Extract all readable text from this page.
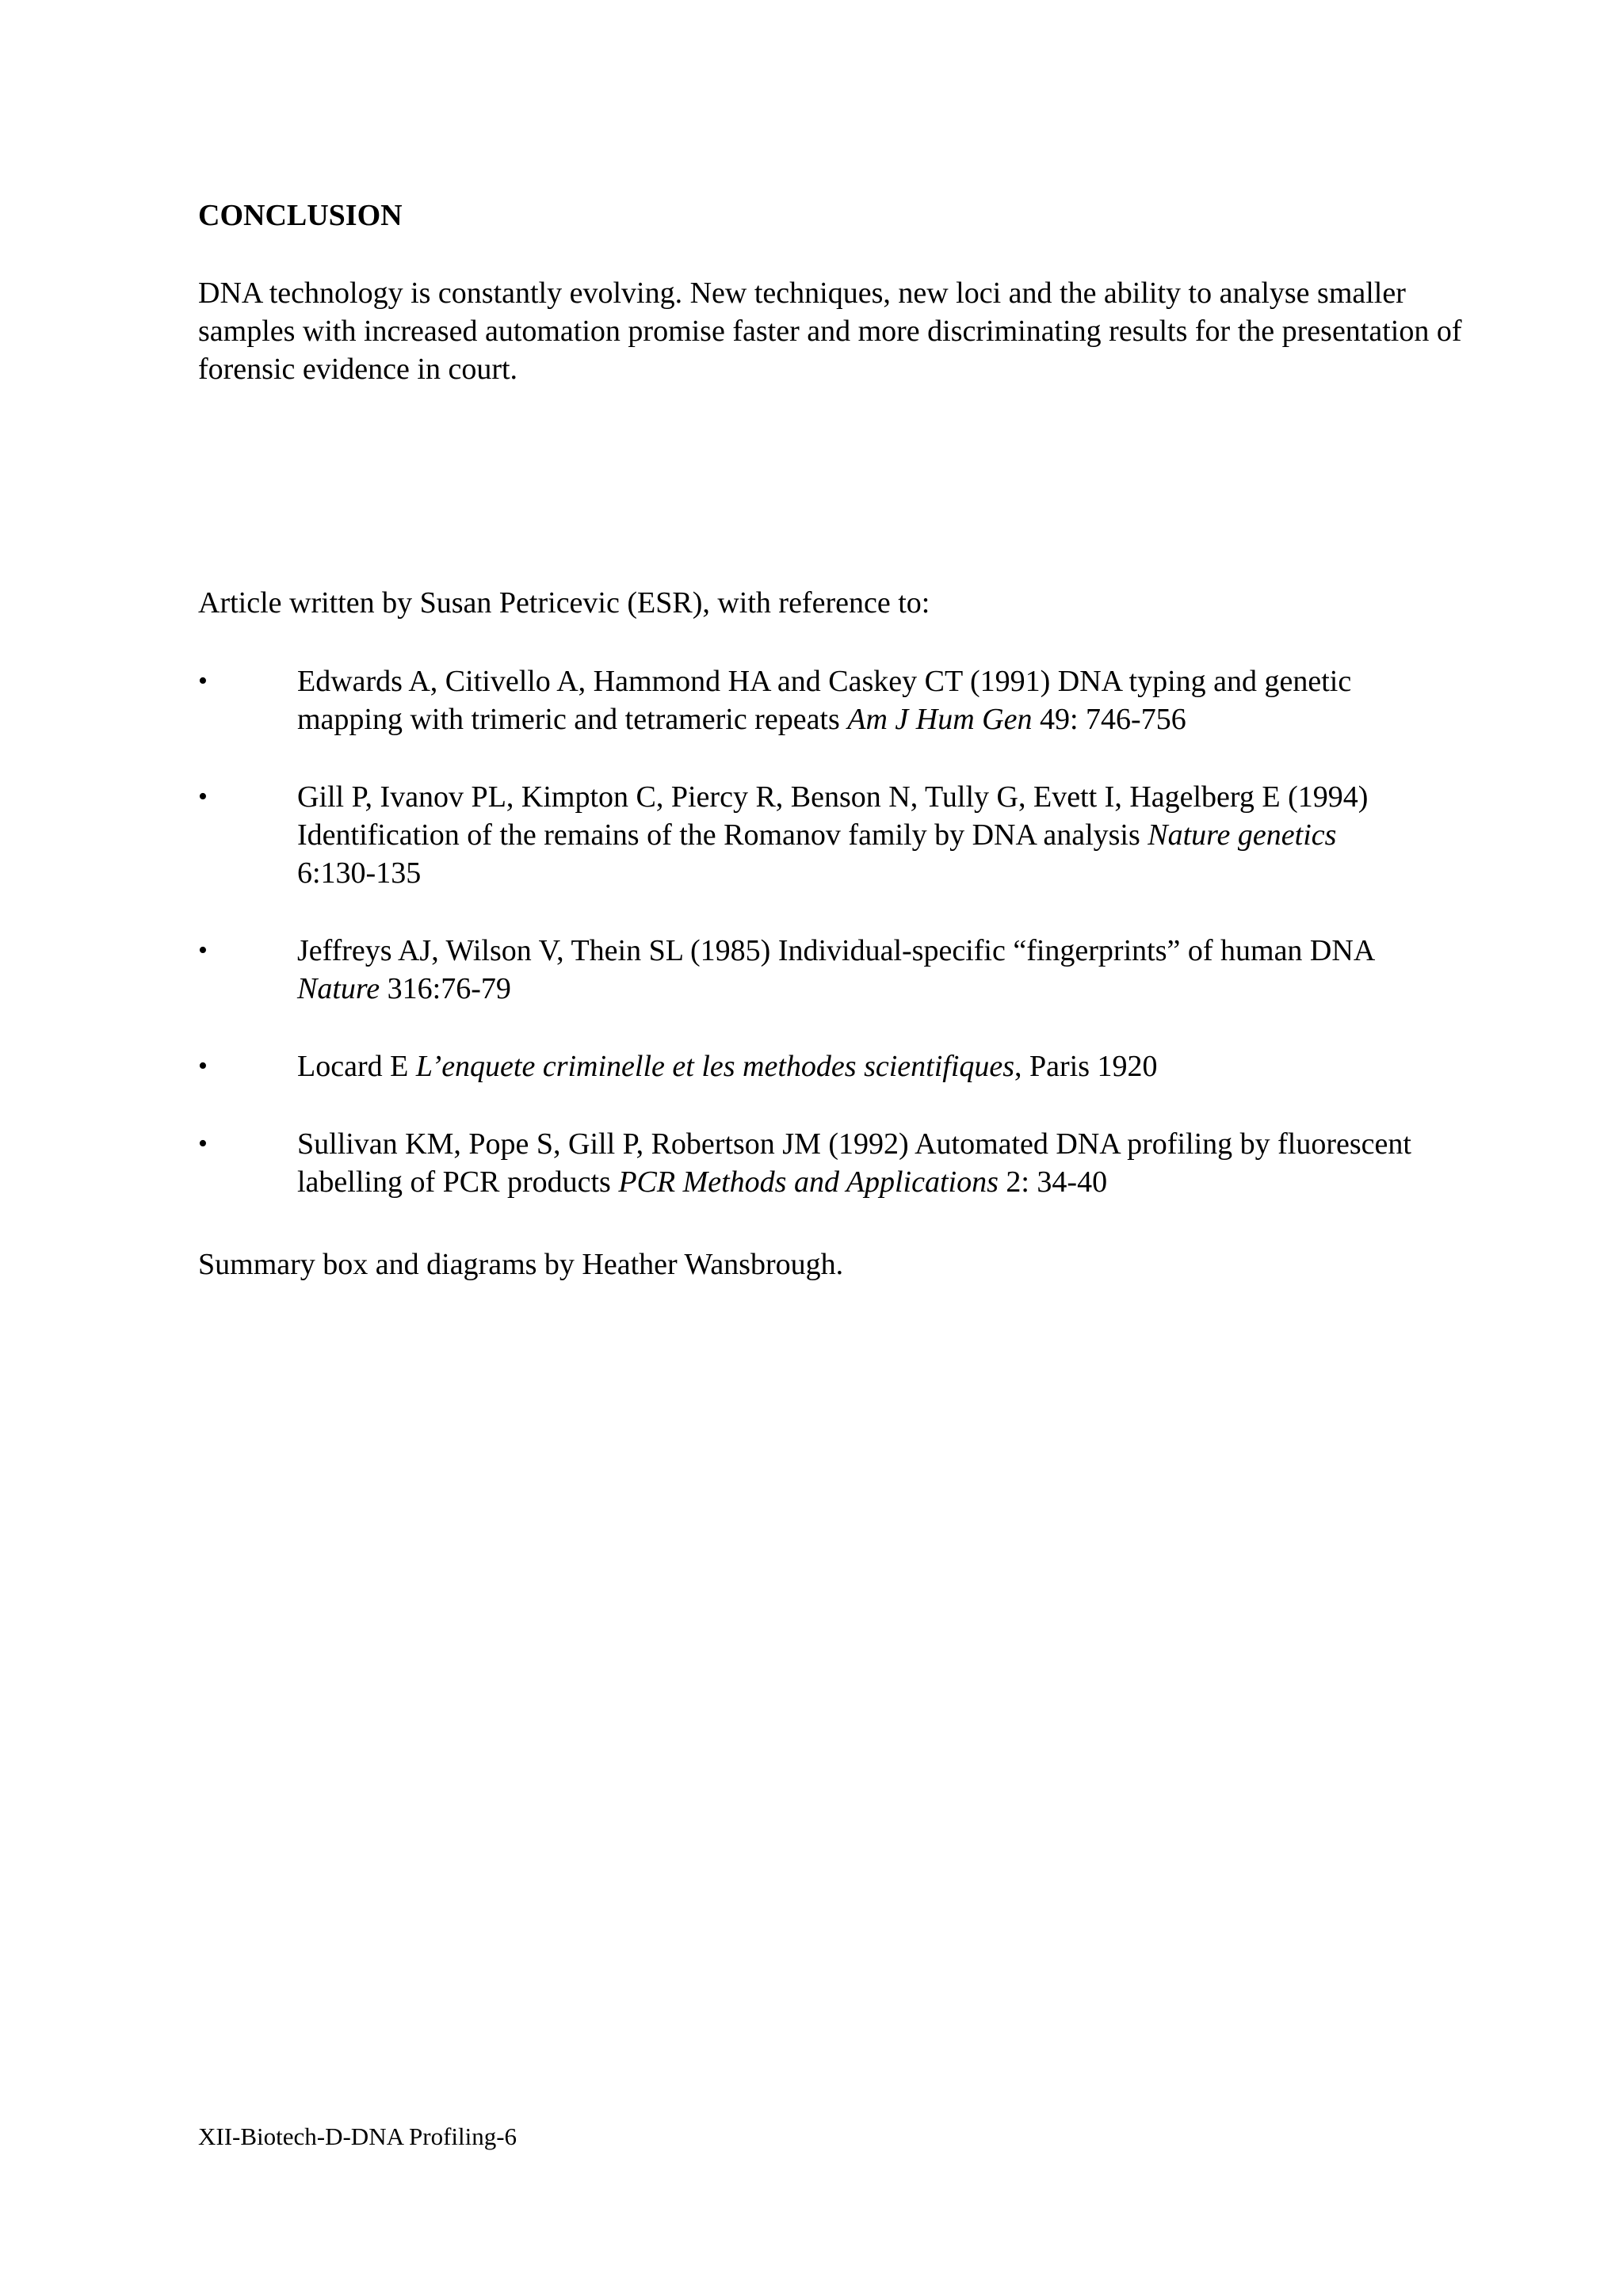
CONCLUSION

DNA technology is constantly evolving. New techniques, new loci and the ability to analyse smaller samples with increased automation promise faster and more discriminating results for the presentation of forensic evidence in court.

Article written by Susan Petricevic (ESR), with reference to:

•	Edwards A, Citivello A, Hammond HA and Caskey CT (1991) DNA typing and genetic mapping with trimeric and tetrameric repeats Am J Hum Gen 49: 746-756
•	Gill P, Ivanov PL, Kimpton C, Piercy R, Benson N, Tully G, Evett I, Hagelberg E (1994) Identification of the remains of the Romanov family by DNA analysis Nature genetics 6:130-135
•	Jeffreys AJ, Wilson V, Thein SL (1985) Individual-specific “fingerprints” of human DNA Nature 316:76-79
•	Locard E L’enquete criminelle et les methodes scientifiques, Paris 1920
•	Sullivan KM, Pope S, Gill P, Robertson JM (1992) Automated DNA profiling by fluorescent labelling of PCR products PCR Methods and Applications 2: 34-40

Summary box and diagrams by Heather Wansbrough.

XII-Biotech-D-DNA Profiling-6
